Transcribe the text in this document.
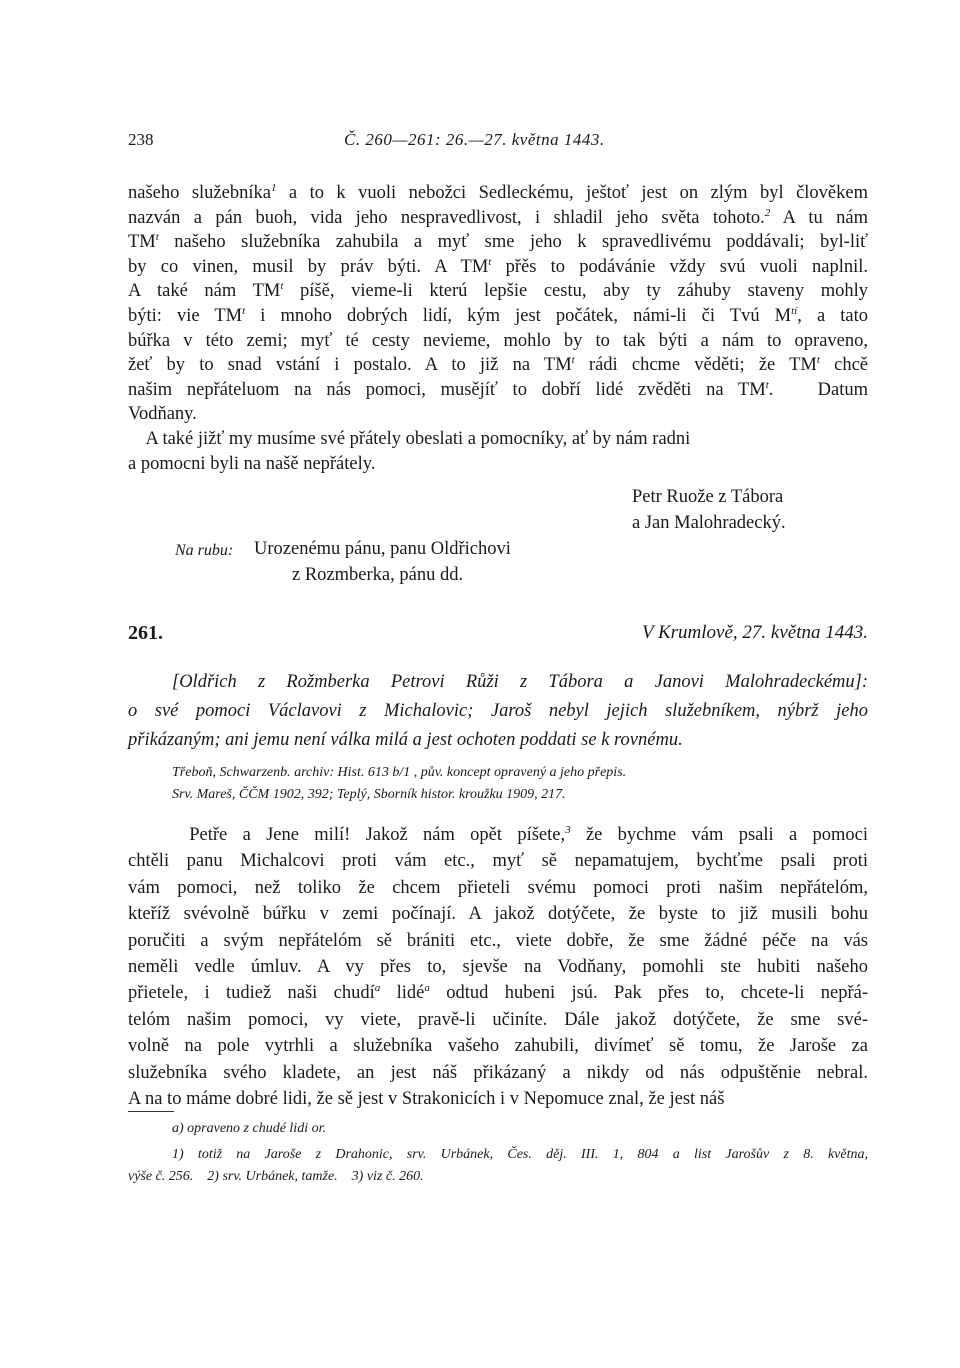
238	Č. 260—261: 26.—27. května 1443.
našeho služebníka$^1$ a to k vuoli nebožci Sedleckému, ještoť jest on zlým byl člověkem
nazván a pán buoh, vida jeho nespravedlivost, i shladil jeho světa tohoto.$^2$ A tu nám
$TM^t$ našeho služebníka zahubila a myť sme jeho k spravedlivému poddávali; byl-liť
by co vinen, musil by práv býti. A $TM^t$ přěs to podávánie vždy svú vuoli naplnil.
A také nám $TM^t$ píšě, vieme-li kterú lepšie cestu, aby ty záhuby staveny mohly
býti: vie $TM^t$ i mnoho dobrých lidí, kým jest počátek, námi-li či Tvú $M^{tí}$, a tato
búřka v této zemi; myť té cesty nevieme, mohlo by to tak býti a nám to opraveno,
žeť by to snad vstání i postalo. A to již na $TM^t$ rádi chcme věděti; že $TM^t$ chcě
našim nepřáteluom na nás pomoci, musějíť to dobří lidé zvěděti na $TM^t$.   Datum
Vodňany.
A také jižť my musíme své přátely obeslati a pomocníky, ať by nám radni
a pomocni byli na našě nepřátely.
Petr Ruože z Tábora
a Jan Malohradecký.
Na rubu: Urozenému pánu, panu Oldřichovi
z Rozmberka, pánu dd.
261.	V Krumlově, 27. května 1443.
[Oldřich z Rožmberka Petrovi Růži z Tábora a Janovi Malohradeckému]:
o své pomoci Václavovi z Michalovic; Jaroš nebyl jejich služebníkem, nýbrž jeho
přikázaným; ani jemu není válka milá a jest ochoten poddati se k rovnému.
Třeboň, Schwarzenb. archiv: Hist. 613 b/1 , pův. koncept opravený a jeho přepis.
Srv. Mareš, ČČM 1902, 392; Teplý, Sborník histor. kroužku 1909, 217.
Petře a Jene milí! Jakož nám opět píšete,$^3$ že bychme vám psali a pomoci
chtěli panu Michalcovi proti vám etc., myť sě nepamatujem, bychťme psali proti
vám pomoci, než toliko že chcem přieteli svému pomoci proti našim nepřátelóm,
kteříž svévolně búřku v zemi počínají. A jakož dotýčete, že byste to již musili bohu
poručiti a svým nepřátelóm sě brániti etc., viete dobře, že sme žádné péče na vás
neměli vedle úmluv. A vy přes to, sjevše na Vodňany, pomohli ste hubiti našeho
přietele, i tudiež naši chudí$^a$ lidé$^a$ odtud hubeni jsú. Pak přes to, chcete-li nepřá-
telóm našim pomoci, vy viete, pravě-li učiníte. Dále jakož dotýčete, že sme své-
volně na pole vytrhli a služebníka vašeho zahubili, divímeť sě tomu, že Jaroše za
služebníka svého kladete, an jest náš přikázaný a nikdy od nás odpuštěnie nebral.
A na to máme dobré lidi, že sě jest v Strakonicích i v Nepomuce znal, že jest náš
a) opraveno z chudé lidi or.
1) totiž na Jaroše z Drahonic, srv. Urbánek, Čes. děj. III. 1, 804 a list Jarošův z 8. května,
výše č. 256.    2) srv. Urbánek, tamže.    3) viz č. 260.
